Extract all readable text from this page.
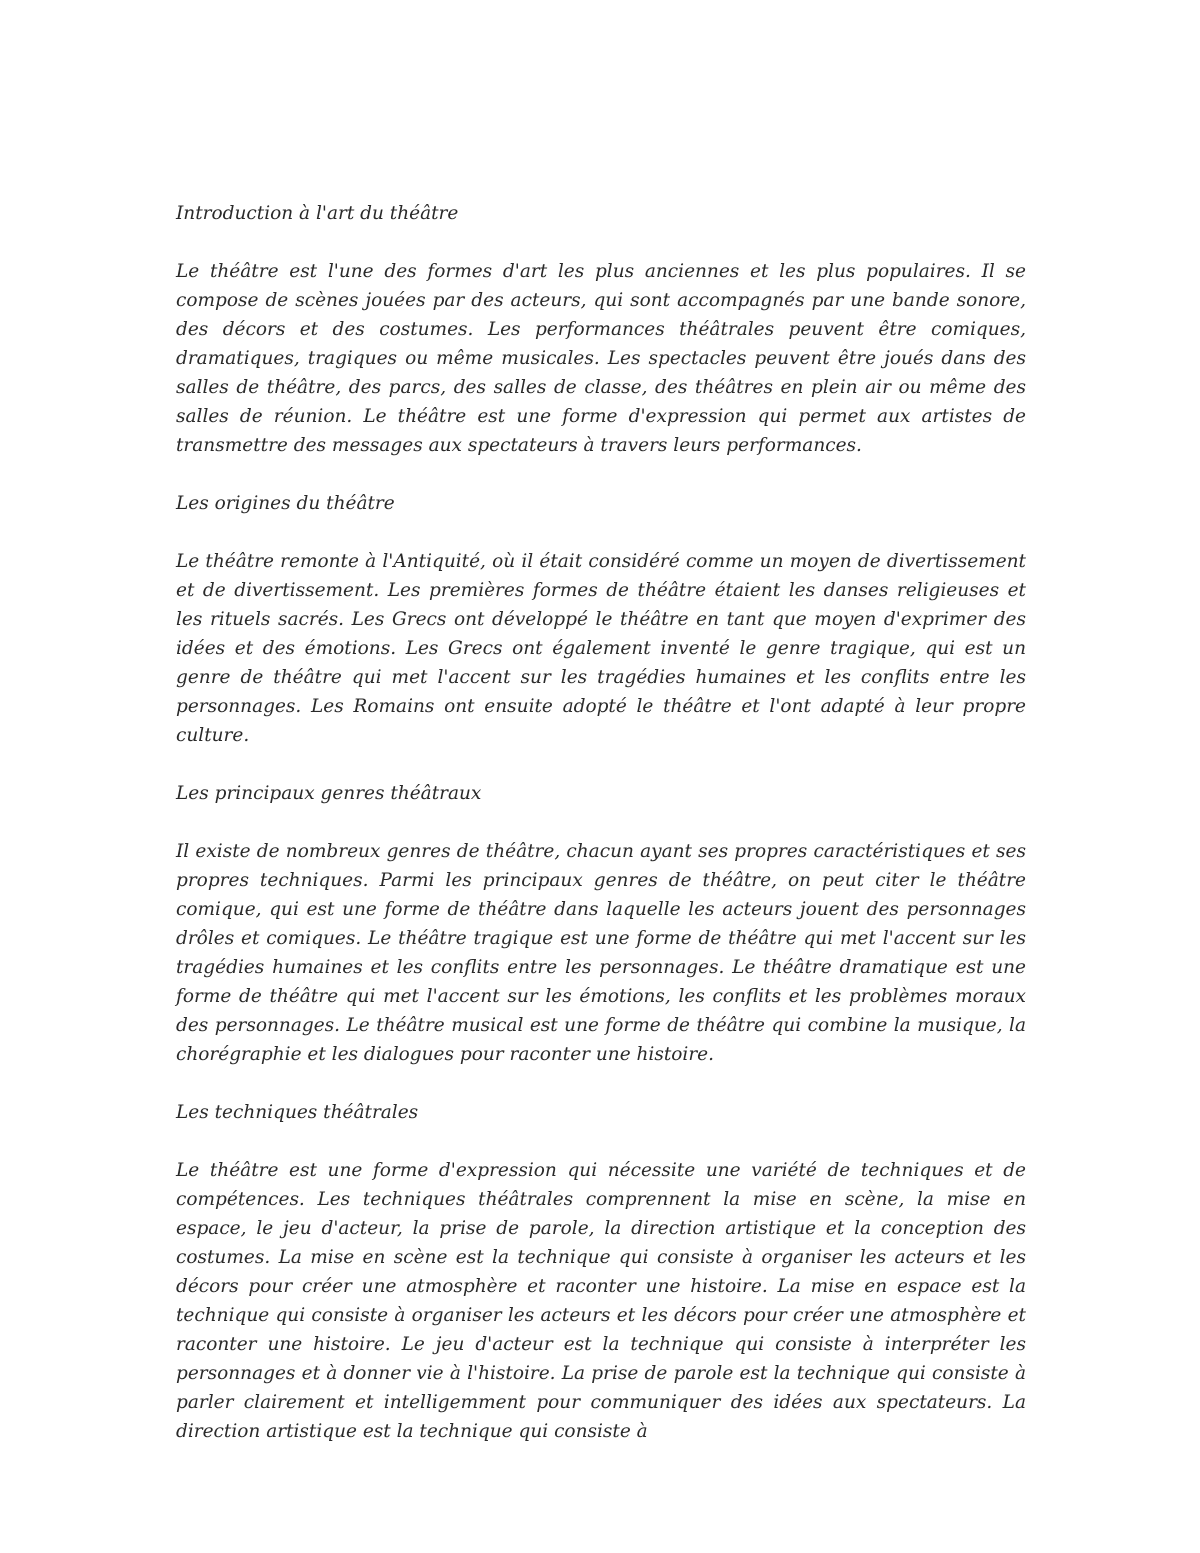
Introduction à l'art du théâtre

Le théâtre est l'une des formes d'art les plus anciennes et les plus populaires. Il se compose de scènes jouées par des acteurs, qui sont accompagnés par une bande sonore, des décors et des costumes. Les performances théâtrales peuvent être comiques, dramatiques, tragiques ou même musicales. Les spectacles peuvent être joués dans des salles de théâtre, des parcs, des salles de classe, des théâtres en plein air ou même des salles de réunion. Le théâtre est une forme d'expression qui permet aux artistes de transmettre des messages aux spectateurs à travers leurs performances.

Les origines du théâtre

Le théâtre remonte à l'Antiquité, où il était considéré comme un moyen de divertissement et de divertissement. Les premières formes de théâtre étaient les danses religieuses et les rituels sacrés. Les Grecs ont développé le théâtre en tant que moyen d'exprimer des idées et des émotions. Les Grecs ont également inventé le genre tragique, qui est un genre de théâtre qui met l'accent sur les tragédies humaines et les conflits entre les personnages. Les Romains ont ensuite adopté le théâtre et l'ont adapté à leur propre culture.

Les principaux genres théâtraux

Il existe de nombreux genres de théâtre, chacun ayant ses propres caractéristiques et ses propres techniques. Parmi les principaux genres de théâtre, on peut citer le théâtre comique, qui est une forme de théâtre dans laquelle les acteurs jouent des personnages drôles et comiques. Le théâtre tragique est une forme de théâtre qui met l'accent sur les tragédies humaines et les conflits entre les personnages. Le théâtre dramatique est une forme de théâtre qui met l'accent sur les émotions, les conflits et les problèmes moraux des personnages. Le théâtre musical est une forme de théâtre qui combine la musique, la chorégraphie et les dialogues pour raconter une histoire.

Les techniques théâtrales

Le théâtre est une forme d'expression qui nécessite une variété de techniques et de compétences. Les techniques théâtrales comprennent la mise en scène, la mise en espace, le jeu d'acteur, la prise de parole, la direction artistique et la conception des costumes. La mise en scène est la technique qui consiste à organiser les acteurs et les décors pour créer une atmosphère et raconter une histoire. La mise en espace est la technique qui consiste à organiser les acteurs et les décors pour créer une atmosphère et raconter une histoire. Le jeu d'acteur est la technique qui consiste à interpréter les personnages et à donner vie à l'histoire. La prise de parole est la technique qui consiste à parler clairement et intelligemment pour communiquer des idées aux spectateurs. La direction artistique est la technique qui consiste à
